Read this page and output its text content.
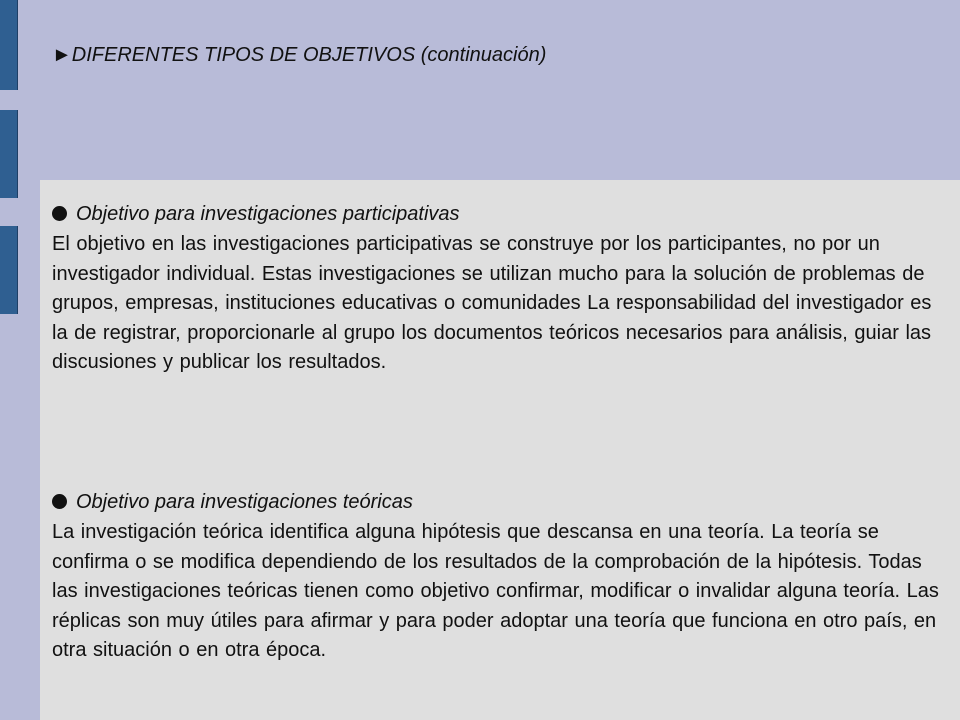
►DIFERENTES TIPOS DE OBJETIVOS (continuación)
Objetivo para investigaciones participativas

El objetivo en las investigaciones participativas se construye por los participantes, no por un investigador individual. Estas investigaciones se utilizan mucho para la solución de problemas de grupos, empresas, instituciones educativas o comunidades La responsabilidad del investigador es la de registrar, proporcionarle al grupo los documentos teóricos necesarios para análisis, guiar las discusiones y publicar los resultados.

Objetivo para investigaciones teóricas

La investigación teórica identifica alguna hipótesis que descansa en una teoría. La teoría se confirma o se modifica dependiendo de los resultados de la comprobación de la hipótesis. Todas las investigaciones teóricas tienen como objetivo confirmar, modificar o invalidar alguna teoría. Las réplicas son muy útiles para afirmar y para poder adoptar una teoría que funciona en otro país, en otra situación o en otra época.
